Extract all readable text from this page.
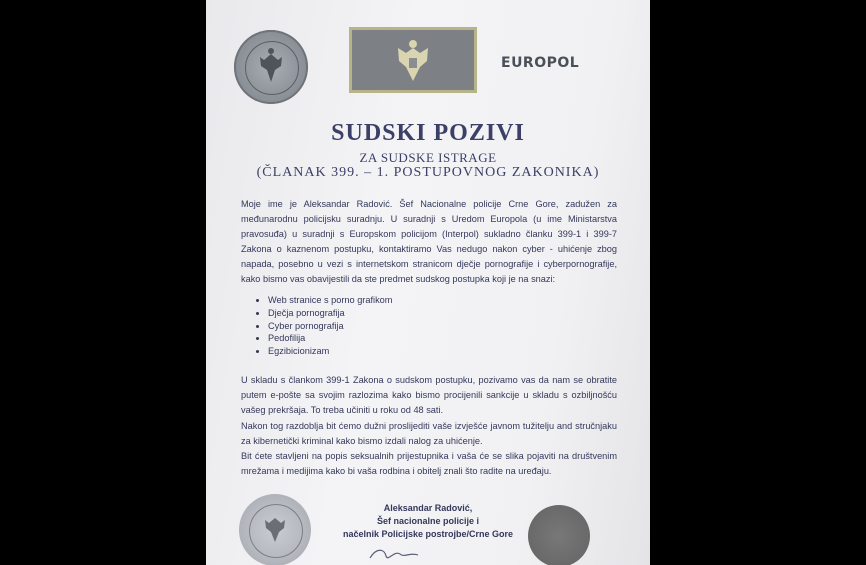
EUROPOL
SUDSKI POZIVI
ZA SUDSKE ISTRAGE
(ČLANAK 399. – 1. POSTUPOVNOG ZAKONIKA)

Moje ime je Aleksandar Radović. Šef Nacionalne policije Crne Gore, zadužen za međunarodnu policijsku suradnju. U suradnji s Uredom Europola (u ime Ministarstva pravosuđa) u suradnji s Europskom policijom (Interpol) sukladno članku 399-1 i 399-7 Zakona o kaznenom postupku, kontaktiramo Vas nedugo nakon cyber - uhićenje zbog napada, posebno u vezi s internetskom stranicom dječje pornografije i cyberpornografije, kako bismo vas obavijestili da ste predmet sudskog postupka koji je na snazi:

• Web stranice s porno grafikom
• Dječja pornografija
• Cyber pornografija
• Pedofilija
• Egzibicionizam

U skladu s člankom 399-1 Zakona o sudskom postupku, pozivamo vas da nam se obratite putem e-pošte sa svojim razlozima kako bismo procijenili sankcije u skladu s ozbiljnošću vašeg prekršaja. To treba učiniti u roku od 48 sati.

Nakon tog razdoblja bit ćemo dužni proslijediti vaše izvješće javnom tužitelju and stručnjaku za kibernetički kriminal kako bismo izdali nalog za uhićenje.

Bit ćete stavljeni na popis seksualnih prijestupnika i vaša će se slika pojaviti na društvenim mrežama i medijima kako bi vaša rodbina i obitelj znali što radite na uređaju.

Aleksandar Radović,
Šef nacionalne policije i
načelnik Policijske postrojbe/Crne Gore
